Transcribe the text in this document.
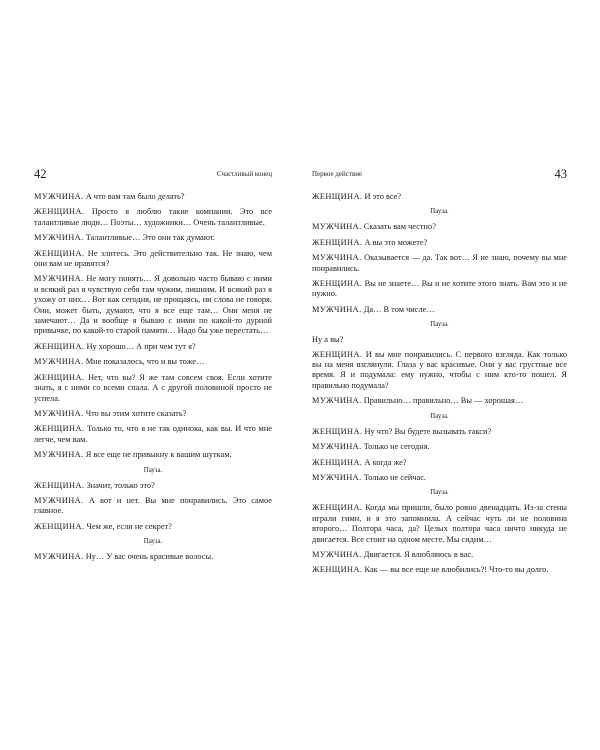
42	Счастливый конец

МУЖЧИНА. А что вам там было делать?

ЖЕНЩИНА. Просто я люблю такие компании. Это все талантливые люди… Поэты… художники… Очень талантливые.

МУЖЧИНА. Талантливые… Это они так думают.

ЖЕНЩИНА. Не злитесь. Это действительно так. Не знаю, чем они вам не нравятся?

МУЖЧИНА. Не могу понять… Я довольно часто бываю с ними и всякий раз я чувствую себя там чужим, лишним. И всякий раз я ухожу от них… Вот как сегодня, не прощаясь, ни слова не говоря. Они, может быть, думают, что я все еще там… Они меня не замечают… Да и вообще я бываю с ними по какой-то дурной привычке, по какой-то старой памяти… Надо бы уже перестать…

ЖЕНЩИНА. Ну хорошо… А при чем тут я?

МУЖЧИНА. Мне показалось, что и вы тоже…

ЖЕНЩИНА. Нет, что вы? Я же там совсем своя. Если хотите знать, я с ними со всеми спала. А с другой половиной просто не успела.

МУЖЧИНА. Что вы этим хотите сказать?

ЖЕНЩИНА. Только то, что я не так одинока, как вы. И что мне легче, чем вам.

МУЖЧИНА. Я все еще не привыкну к вашим шуткам.

Пауза.

ЖЕНЩИНА. Значит, только это?

МУЖЧИНА. А вот и нет. Вы мне понравились. Это самое главное.

ЖЕНЩИНА. Чем же, если не секрет?

Пауза.

МУЖЧИНА. Ну… У вас очень красивые волосы.

Первое действие	43

ЖЕНЩИНА. И это все?

Пауза.

МУЖЧИНА. Сказать вам честно?

ЖЕНЩИНА. А вы это можете?

МУЖЧИНА. Оказывается — да. Так вот… Я не знаю, почему вы мне понравились.

ЖЕНЩИНА. Вы не знаете… Вы и не хотите этого знать. Вам это и не нужно.

МУЖЧИНА. Да… В том числе…

Пауза.

Ну а вы?

ЖЕНЩИНА. И вы мне понравились. С первого взгляда. Как только вы на меня взглянули. Глаза у вас красивые. Они у вас грустные все время. Я и подумала: ему нужно, чтобы с ним кто-то пошел. Я правильно подумала?

МУЖЧИНА. Правильно… правильно… Вы — хорошая…

Пауза.

ЖЕНЩИНА. Ну что? Вы будете вызывать такси?

МУЖЧИНА. Только не сегодня.

ЖЕНЩИНА. А когда же?

МУЖЧИНА. Только не сейчас.

Пауза.

ЖЕНЩИНА. Когда мы пришли, было ровно двенадцать. Из-за стены играли гимн, и я это запомнила. А сейчас чуть ли не половина второго… Полтора часа, да? Целых полтора часа ничто никуда не двигается. Все стоит на одном месте. Мы сидим…

МУЖЧИНА. Двигается. Я влюбляюсь в вас.

ЖЕНЩИНА. Как — вы все еще не влюбились?! Что-то вы долго.
